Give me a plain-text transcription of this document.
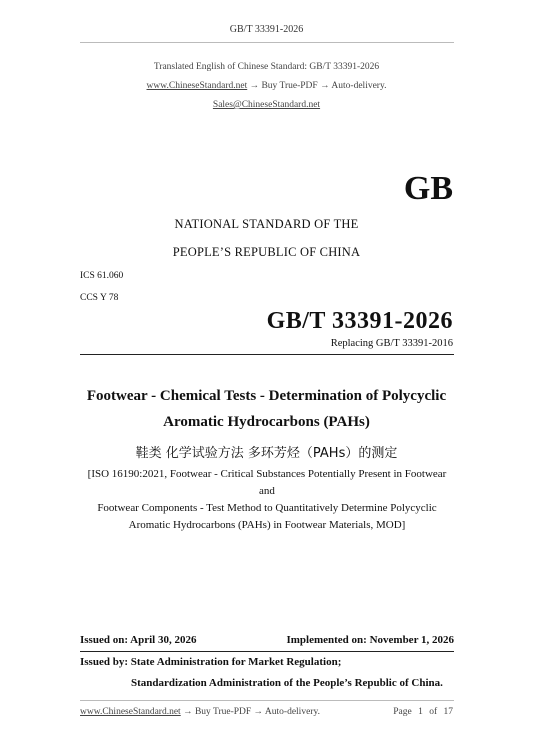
GB/T 33391-2026
Translated English of Chinese Standard: GB/T 33391-2026
www.ChineseStandard.net → Buy True-PDF → Auto-delivery.
Sales@ChineseStandard.net
GB
NATIONAL STANDARD OF THE
PEOPLE’S REPUBLIC OF CHINA
ICS 61.060
CCS Y 78
GB/T 33391-2026
Replacing GB/T 33391-2016
Footwear - Chemical Tests - Determination of Polycyclic
Aromatic Hydrocarbons (PAHs)
鞋类 化学试验方法 多环芳烃（PAHs）的测定
[ISO 16190:2021, Footwear - Critical Substances Potentially Present in Footwear and
Footwear Components - Test Method to Quantitatively Determine Polycyclic
Aromatic Hydrocarbons (PAHs) in Footwear Materials, MOD]
Issued on: April 30, 2026	Implemented on: November 1, 2026
Issued by: State Administration for Market Regulation;
Standardization Administration of the People’s Republic of China.
www.ChineseStandard.net → Buy True-PDF → Auto-delivery.	Page 1 of 17
